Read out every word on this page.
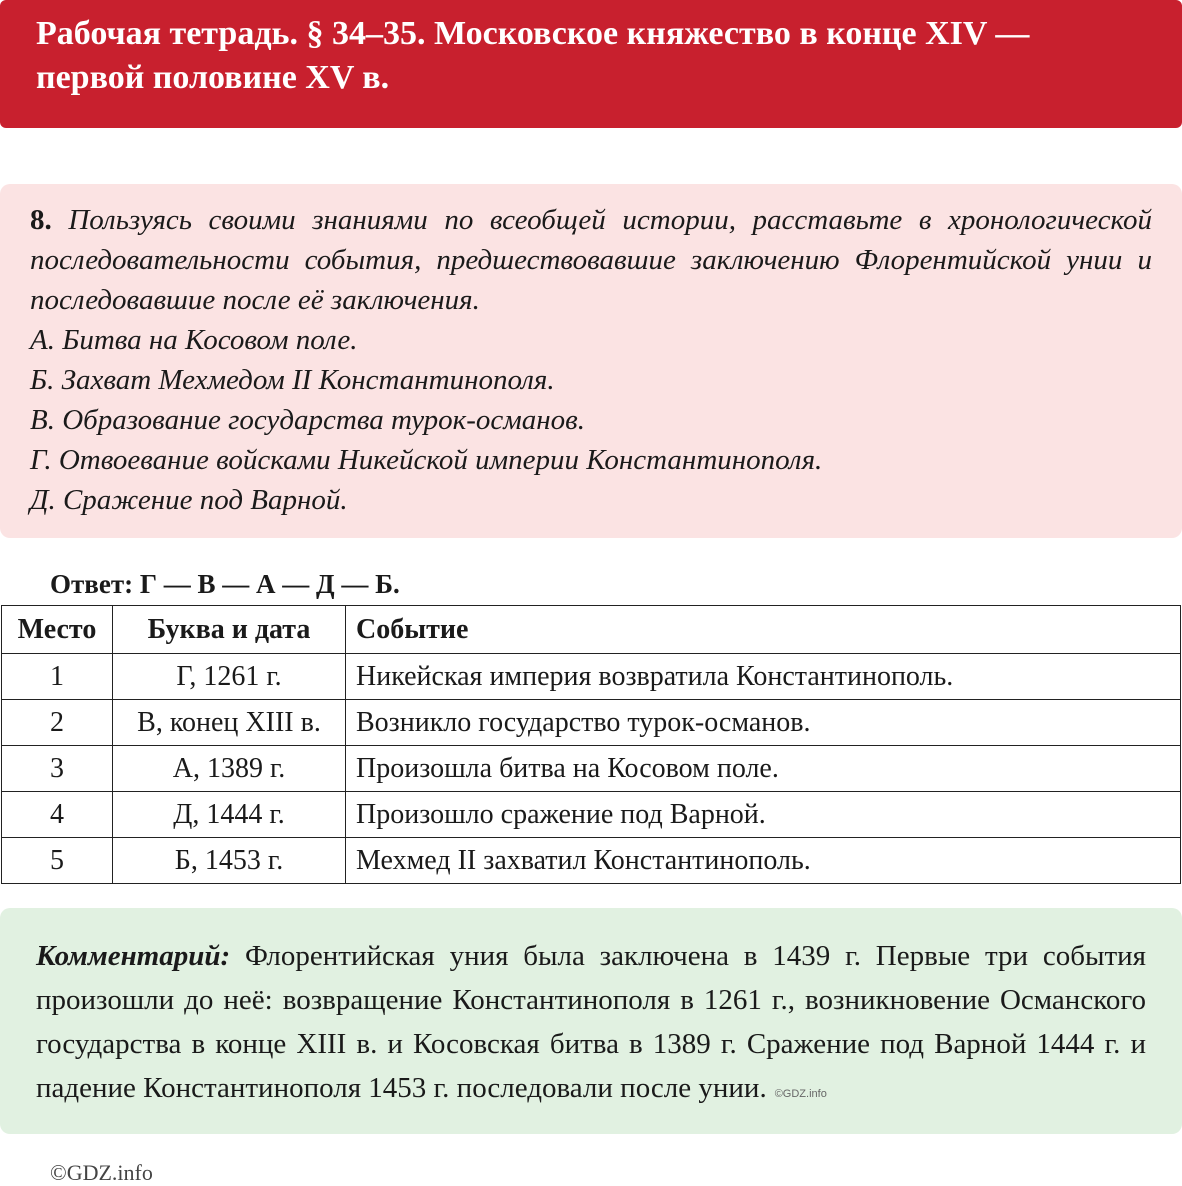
Рабочая тетрадь. § 34–35. Московское княжество в конце XIV — первой половине XV в.

8. Пользуясь своими знаниями по всеобщей истории, расставьте в хронологической последовательности события, предшествовавшие заключению Флорентийской унии и последовавшие после её заключения.

А. Битва на Косовом поле.

Б. Захват Мехмедом II Константинополя.

В. Образование государства турок-османов.

Г. Отвоевание войсками Никейской империи Константинополя.

Д. Сражение под Варной.

Ответ: Г — В — А — Д — Б.
Место	Буква и дата	Событие
1	Г, 1261 г.	Никейская империя возвратила Константинополь.
2	В, конец XIII в.	Возникло государство турок-османов.
3	А, 1389 г.	Произошла битва на Косовом поле.
4	Д, 1444 г.	Произошло сражение под Варной.
5	Б, 1453 г.	Мехмед II захватил Константинополь.

Комментарий: Флорентийская уния была заключена в 1439 г. Первые три события произошли до неё: возвращение Константинополя в 1261 г., возникновение Османского государства в конце XIII в. и Косовская битва в 1389 г. Сражение под Варной 1444 г. и падение Константинополя 1453 г. последовали после унии. ©GDZ.info

©GDZ.info
